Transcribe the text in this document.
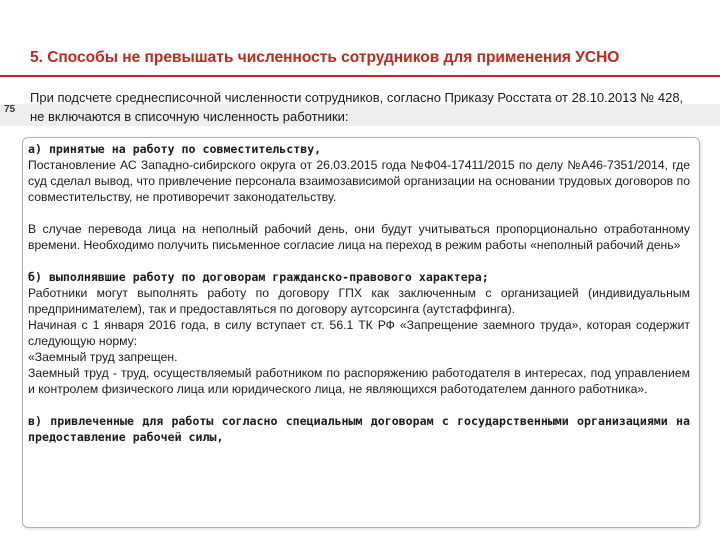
5. Способы не превышать численность сотрудников для применения УСНО
75
При подсчете среднесписочной численности сотрудников, согласно Приказу Росстата от 28.10.2013 № 428, не включаются в списочную численность работники:

а) принятые на работу по совместительству,

Постановление АС Западно-сибирского округа от 26.03.2015 года №Ф04-17411/2015 по делу №А46-7351/2014, где суд сделал вывод, что привлечение персонала взаимозависимой организации на основании трудовых договоров по совместительству, не противоречит законодательству.

В случае перевода лица на неполный рабочий день, они будут учитываться пропорционально отработанному времени. Необходимо получить письменное согласие лица на переход в режим работы «неполный рабочий день»

б) выполнявшие работу по договорам гражданско-правового характера;

Работники могут выполнять работу по договору ГПХ как заключенным с организацией (индивидуальным предпринимателем), так и предоставляться по договору аутсорсинга (аутстаффинга).

Начиная с 1 января 2016 года, в силу вступает ст. 56.1 ТК РФ «Запрещение заемного труда», которая содержит следующую норму:

«Заемный труд запрещен.

Заемный труд - труд, осуществляемый работником по распоряжению работодателя в интересах, под управлением и контролем физического лица или юридического лица, не являющихся работодателем данного работника».

в) привлеченные для работы согласно специальным договорам с государственными организациями на предоставление рабочей силы,
